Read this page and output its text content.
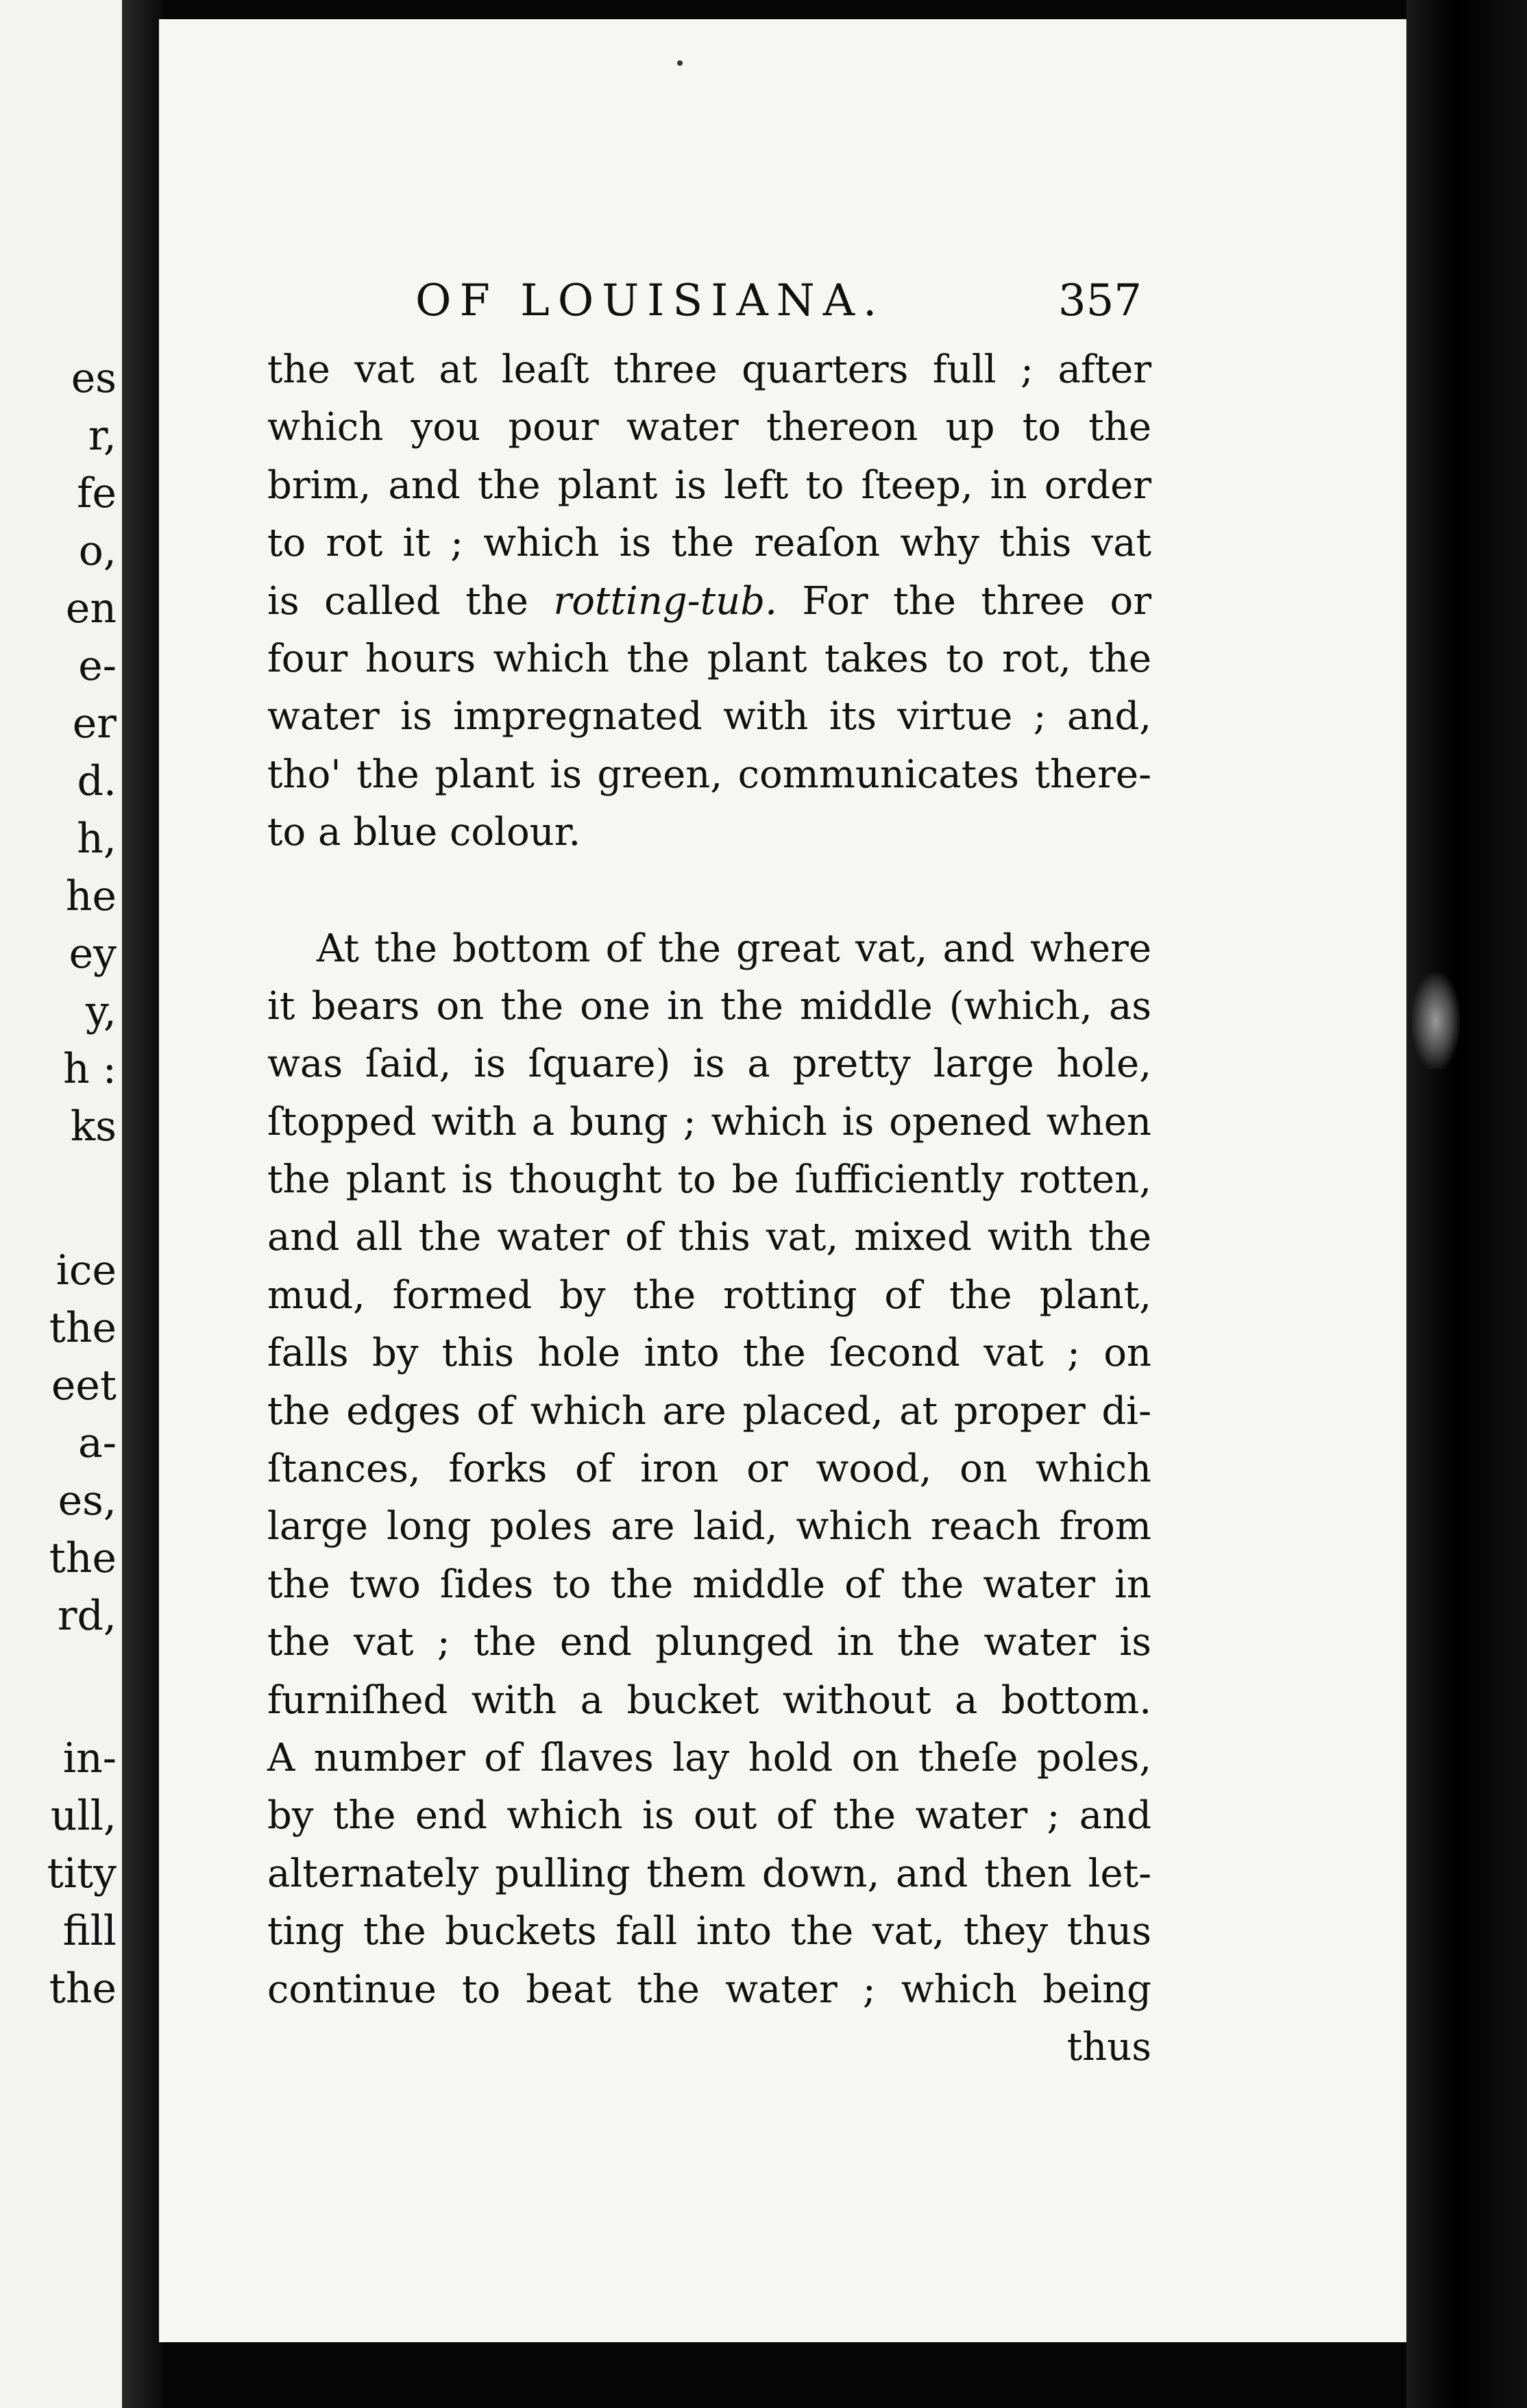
es

r,

fe

o,

en

e-

er

d.

h,

he

ey

y,

h :

ks

ice

the

eet

a-

es,

the

rd,

in-

ull,

tity

fill

the

OF LOUISIANA.	357
the vat at leaſt three quarters full ; after
which you pour water thereon up to the
brim, and the plant is left to ſteep, in order
to rot it ; which is the reaſon why this vat
is called the rotting-tub. For the three or
four hours which the plant takes to rot, the
water is impregnated with its virtue ; and,
tho' the plant is green, communicates there-
to a blue colour.
At the bottom of the great vat, and where
it bears on the one in the middle (which, as
was ſaid, is ſquare) is a pretty large hole,
ſtopped with a bung ; which is opened when
the plant is thought to be ſufficiently rotten,
and all the water of this vat, mixed with the
mud, formed by the rotting of the plant,
falls by this hole into the ſecond vat ; on
the edges of which are placed, at proper di-
ſtances, forks of iron or wood, on which
large long poles are laid, which reach from
the two ſides to the middle of the water in
the vat ; the end plunged in the water is
furniſhed with a bucket without a bottom.
A number of ſlaves lay hold on theſe poles,
by the end which is out of the water ; and
alternately pulling them down, and then let-
ting the buckets fall into the vat, they thus
continue to beat the water ; which being
thus
